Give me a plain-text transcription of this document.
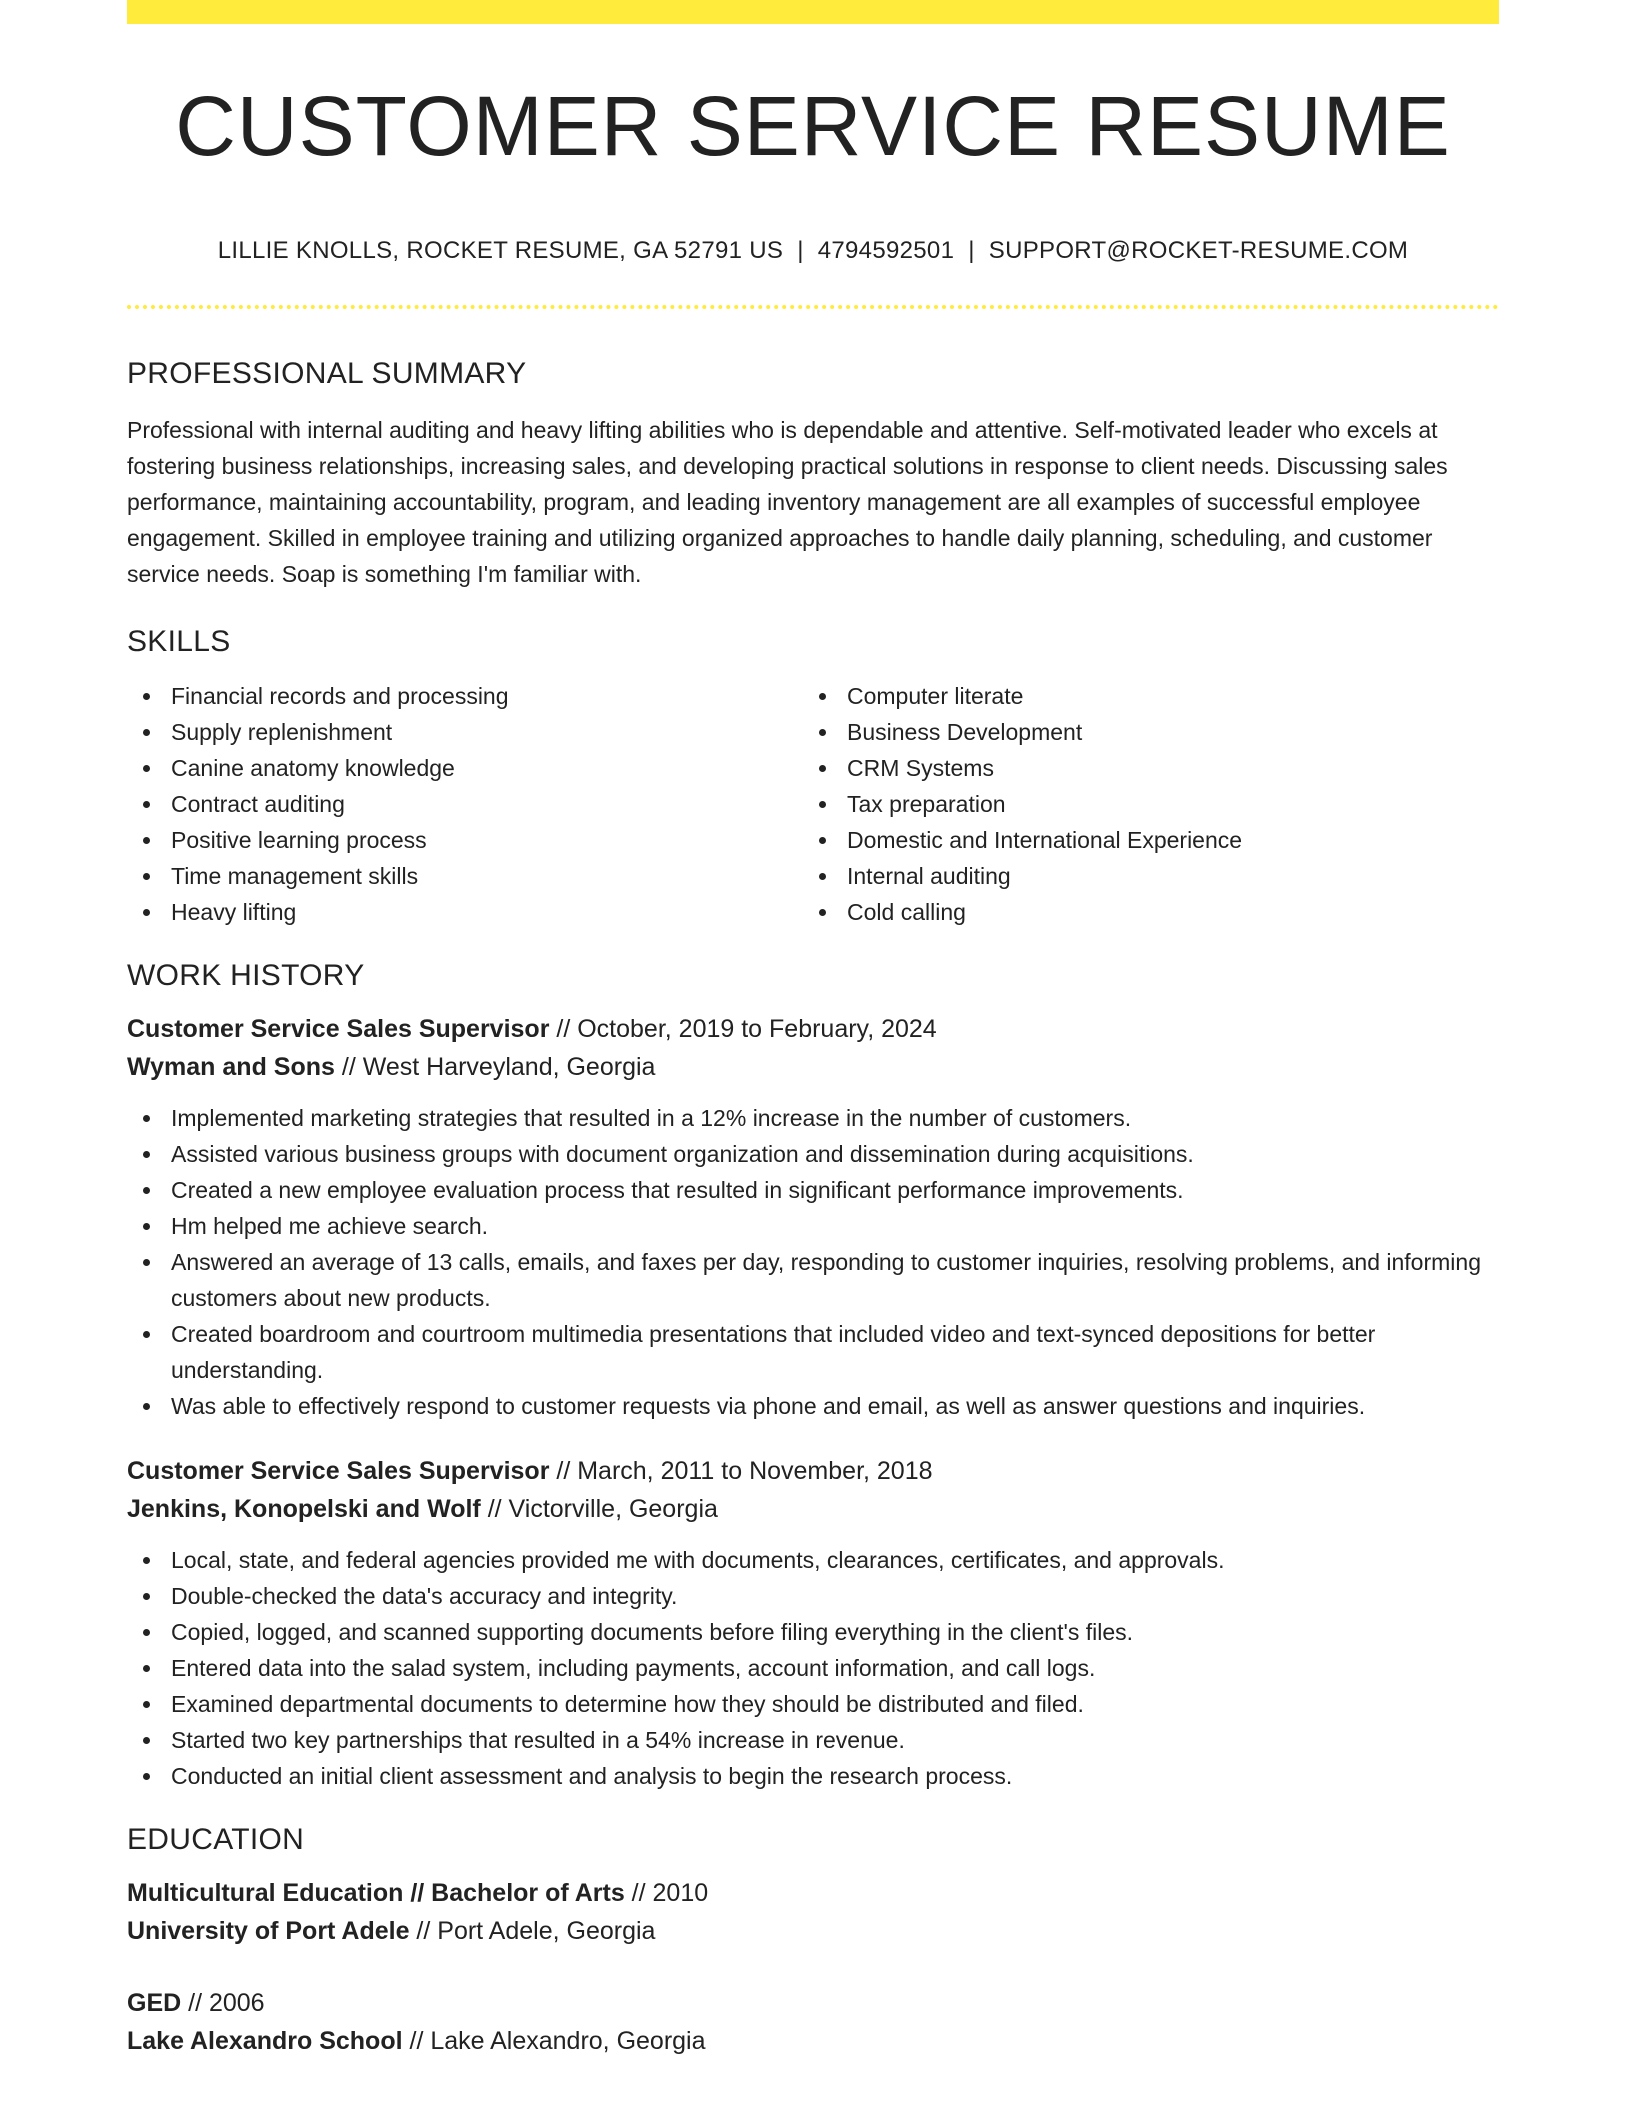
CUSTOMER SERVICE RESUME
LILLIE KNOLLS, ROCKET RESUME, GA 52791 US | 4794592501 | SUPPORT@ROCKET-RESUME.COM
PROFESSIONAL SUMMARY

Professional with internal auditing and heavy lifting abilities who is dependable and attentive. Self-motivated leader who excels at fostering business relationships, increasing sales, and developing practical solutions in response to client needs. Discussing sales performance, maintaining accountability, program, and leading inventory management are all examples of successful employee engagement. Skilled in employee training and utilizing organized approaches to handle daily planning, scheduling, and customer service needs. Soap is something I'm familiar with.

SKILLS
Financial records and processing
Supply replenishment
Canine anatomy knowledge
Contract auditing
Positive learning process
Time management skills
Heavy lifting
Computer literate
Business Development
CRM Systems
Tax preparation
Domestic and International Experience
Internal auditing
Cold calling
WORK HISTORY
Customer Service Sales Supervisor // October, 2019 to February, 2024
Wyman and Sons // West Harveyland, Georgia
Implemented marketing strategies that resulted in a 12% increase in the number of customers.
Assisted various business groups with document organization and dissemination during acquisitions.
Created a new employee evaluation process that resulted in significant performance improvements.
Hm helped me achieve search.
Answered an average of 13 calls, emails, and faxes per day, responding to customer inquiries, resolving problems, and informing customers about new products.
Created boardroom and courtroom multimedia presentations that included video and text-synced depositions for better understanding.
Was able to effectively respond to customer requests via phone and email, as well as answer questions and inquiries.
Customer Service Sales Supervisor // March, 2011 to November, 2018
Jenkins, Konopelski and Wolf // Victorville, Georgia
Local, state, and federal agencies provided me with documents, clearances, certificates, and approvals.
Double-checked the data's accuracy and integrity.
Copied, logged, and scanned supporting documents before filing everything in the client's files.
Entered data into the salad system, including payments, account information, and call logs.
Examined departmental documents to determine how they should be distributed and filed.
Started two key partnerships that resulted in a 54% increase in revenue.
Conducted an initial client assessment and analysis to begin the research process.
EDUCATION
Multicultural Education // Bachelor of Arts // 2010
University of Port Adele // Port Adele, Georgia
GED // 2006
Lake Alexandro School // Lake Alexandro, Georgia
